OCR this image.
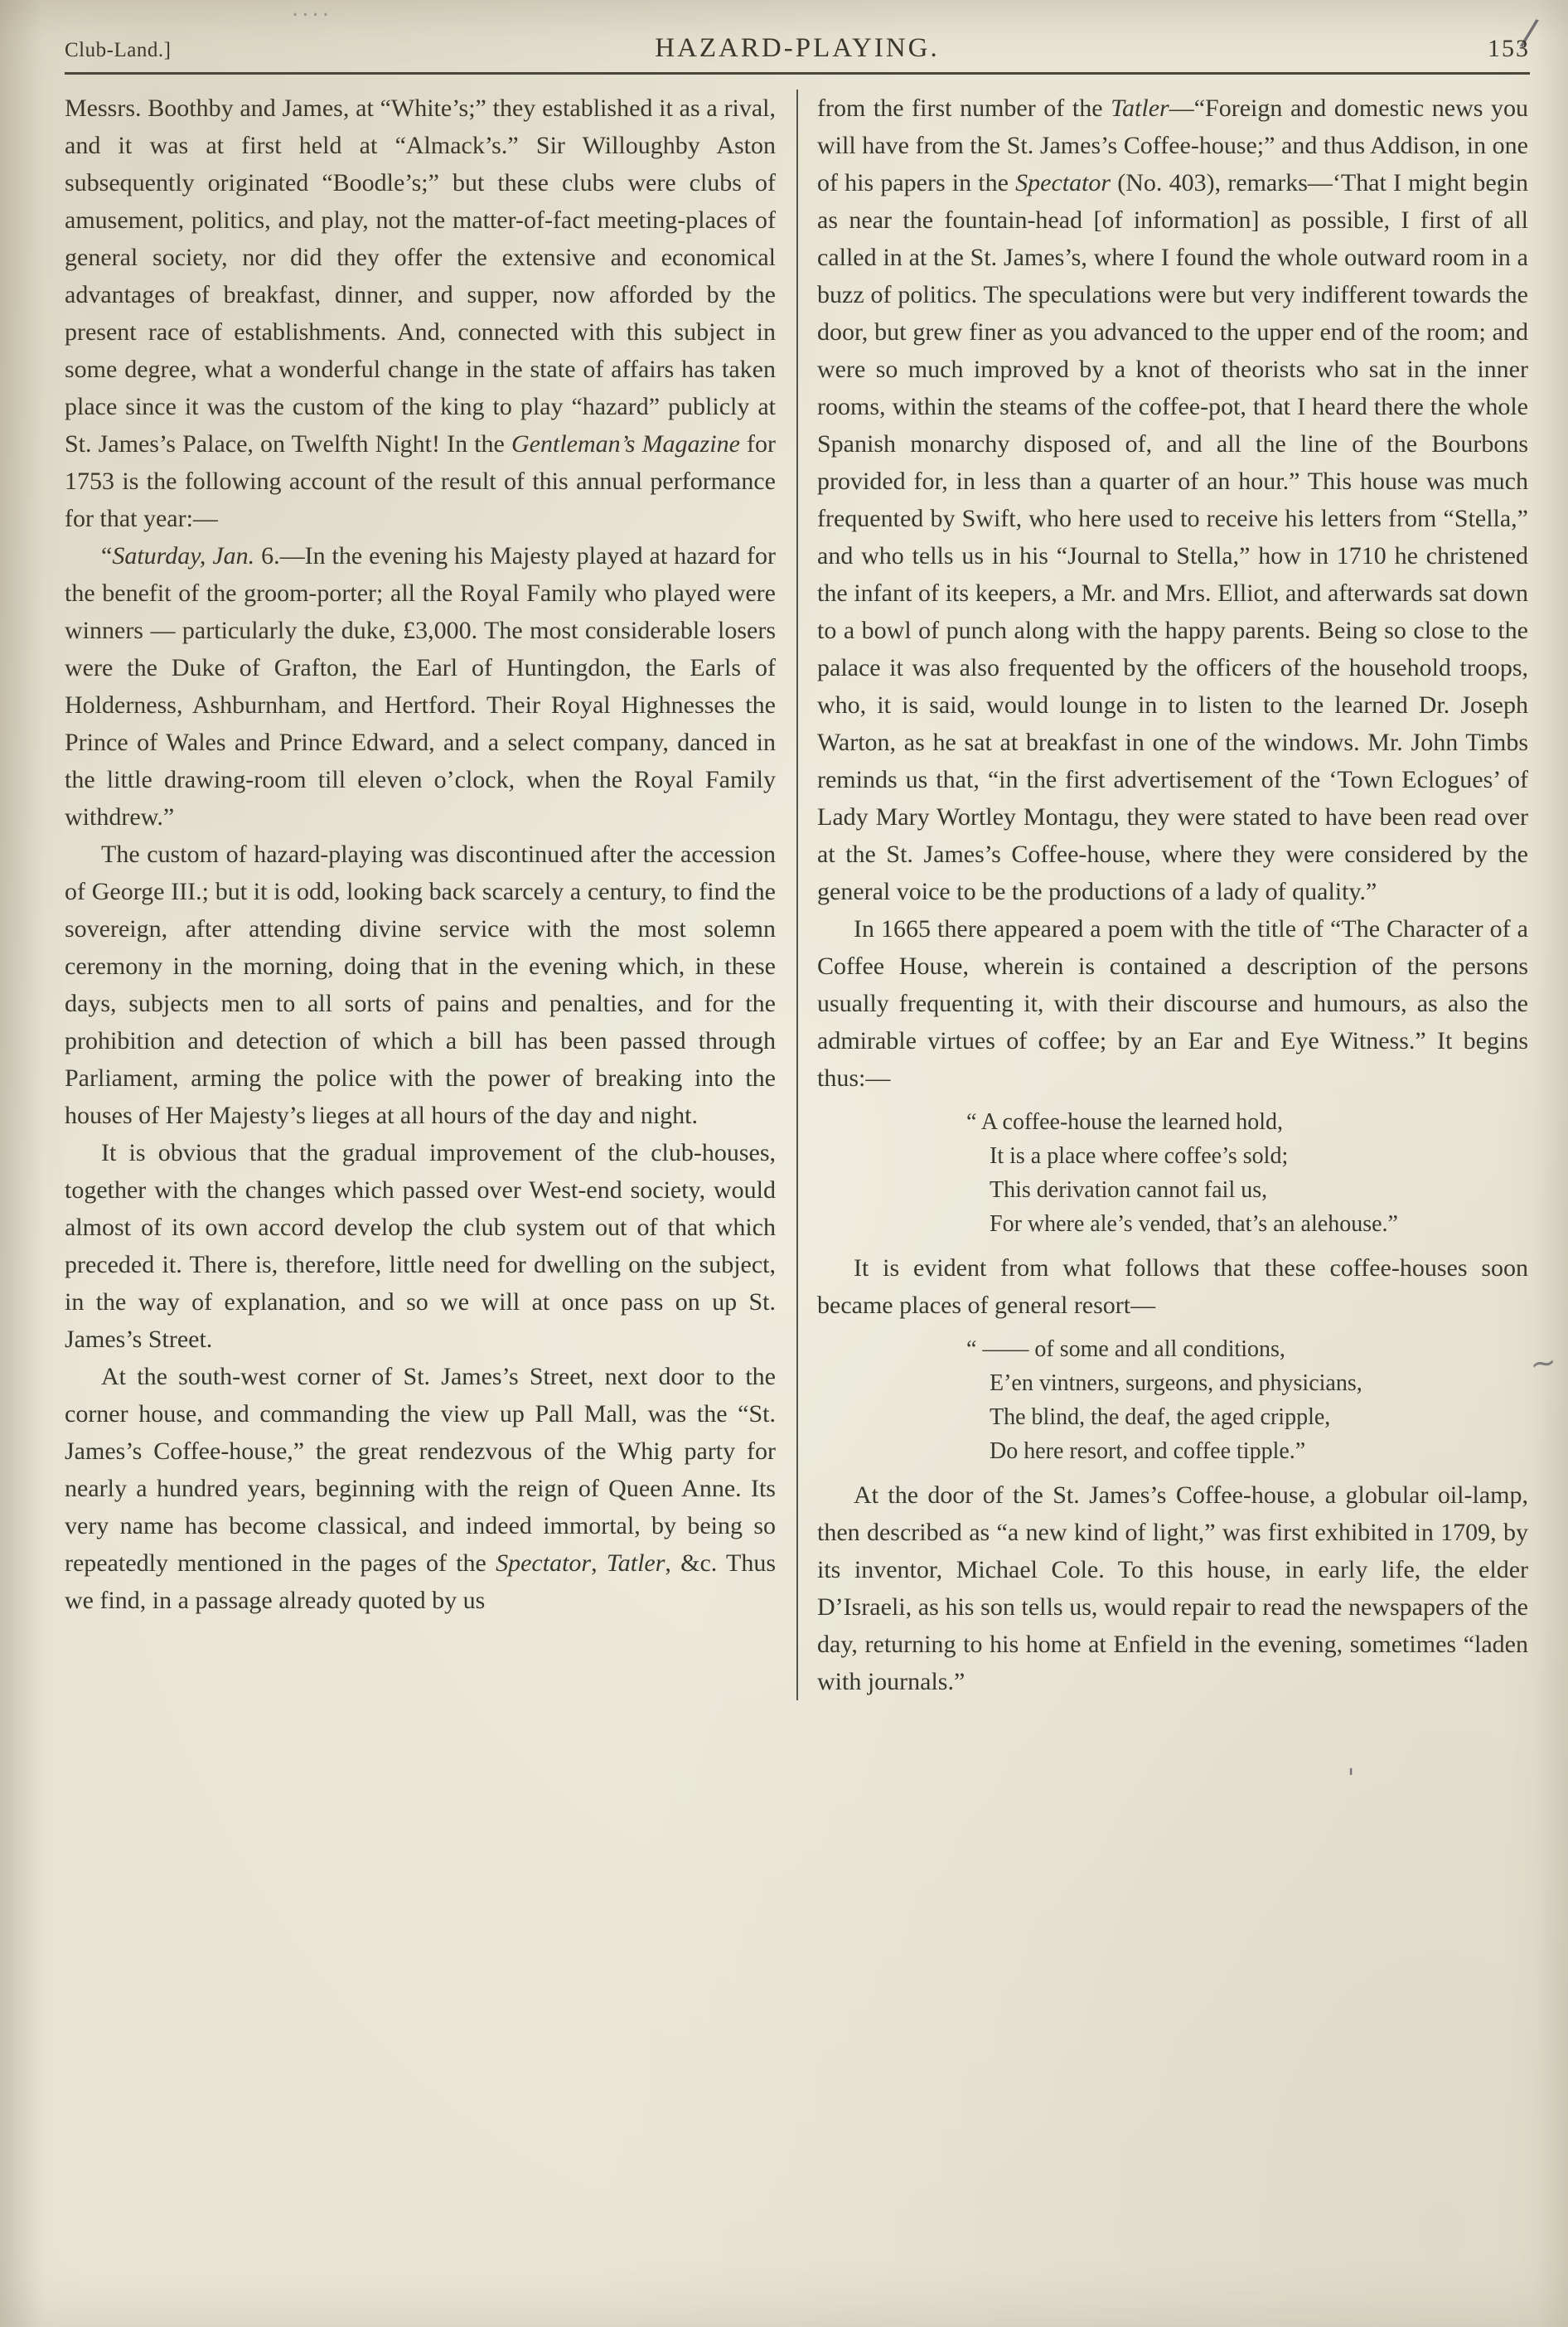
/
~
'
....
Club-Land.]	HAZARD-PLAYING.	153

Messrs. Boothby and James, at “White’s;” they established it as a rival, and it was at first held at “Almack’s.” Sir Willoughby Aston subsequently originated “Boodle’s;” but these clubs were clubs of amusement, politics, and play, not the matter-of-fact meeting-places of general society, nor did they offer the extensive and economical advantages of breakfast, dinner, and supper, now afforded by the present race of establishments. And, connected with this subject in some degree, what a wonderful change in the state of affairs has taken place since it was the custom of the king to play “hazard” publicly at St. James’s Palace, on Twelfth Night! In the Gentleman’s Magazine for 1753 is the following account of the result of this annual performance for that year:—

“Saturday, Jan. 6.—In the evening his Majesty played at hazard for the benefit of the groom-porter; all the Royal Family who played were winners — particularly the duke, £3,000. The most considerable losers were the Duke of Grafton, the Earl of Huntingdon, the Earls of Holderness, Ashburnham, and Hertford. Their Royal Highnesses the Prince of Wales and Prince Edward, and a select company, danced in the little drawing-room till eleven o’clock, when the Royal Family withdrew.”

The custom of hazard-playing was discontinued after the accession of George III.; but it is odd, looking back scarcely a century, to find the sovereign, after attending divine service with the most solemn ceremony in the morning, doing that in the evening which, in these days, subjects men to all sorts of pains and penalties, and for the prohibition and detection of which a bill has been passed through Parliament, arming the police with the power of breaking into the houses of Her Majesty’s lieges at all hours of the day and night.

It is obvious that the gradual improvement of the club-houses, together with the changes which passed over West-end society, would almost of its own accord develop the club system out of that which preceded it. There is, therefore, little need for dwelling on the subject, in the way of explanation, and so we will at once pass on up St. James’s Street.

At the south-west corner of St. James’s Street, next door to the corner house, and commanding the view up Pall Mall, was the “St. James’s Coffee-house,” the great rendezvous of the Whig party for nearly a hundred years, beginning with the reign of Queen Anne. Its very name has become classical, and indeed immortal, by being so repeatedly mentioned in the pages of the Spectator, Tatler, &c. Thus we find, in a passage already quoted by us

from the first number of the Tatler—“Foreign and domestic news you will have from the St. James’s Coffee-house;” and thus Addison, in one of his papers in the Spectator (No. 403), remarks—‘That I might begin as near the fountain-head [of information] as possible, I first of all called in at the St. James’s, where I found the whole outward room in a buzz of politics. The speculations were but very indifferent towards the door, but grew finer as you advanced to the upper end of the room; and were so much improved by a knot of theorists who sat in the inner rooms, within the steams of the coffee-pot, that I heard there the whole Spanish monarchy disposed of, and all the line of the Bourbons provided for, in less than a quarter of an hour.” This house was much frequented by Swift, who here used to receive his letters from “Stella,” and who tells us in his “Journal to Stella,” how in 1710 he christened the infant of its keepers, a Mr. and Mrs. Elliot, and afterwards sat down to a bowl of punch along with the happy parents. Being so close to the palace it was also frequented by the officers of the household troops, who, it is said, would lounge in to listen to the learned Dr. Joseph Warton, as he sat at breakfast in one of the windows. Mr. John Timbs reminds us that, “in the first advertisement of the ‘Town Eclogues’ of Lady Mary Wortley Montagu, they were stated to have been read over at the St. James’s Coffee-house, where they were considered by the general voice to be the productions of a lady of quality.”

In 1665 there appeared a poem with the title of “The Character of a Coffee House, wherein is contained a description of the persons usually frequenting it, with their discourse and humours, as also the admirable virtues of coffee; by an Ear and Eye Witness.” It begins thus:—

“ A coffee-house the learned hold,
It is a place where coffee’s sold;
This derivation cannot fail us,
For where ale’s vended, that’s an alehouse.”

It is evident from what follows that these coffee-houses soon became places of general resort—

“ —— of some and all conditions,
E’en vintners, surgeons, and physicians,
The blind, the deaf, the aged cripple,
Do here resort, and coffee tipple.”

At the door of the St. James’s Coffee-house, a globular oil-lamp, then described as “a new kind of light,” was first exhibited in 1709, by its inventor, Michael Cole. To this house, in early life, the elder D’Israeli, as his son tells us, would repair to read the newspapers of the day, returning to his home at Enfield in the evening, sometimes “laden with journals.”
